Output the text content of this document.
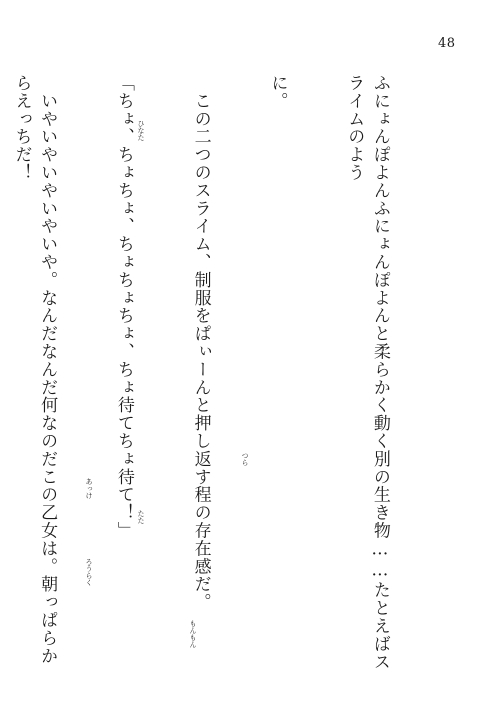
48

ふにょんぽよんふにょんぽよんと柔らかく動く別の生き物……たとえばスライムのよう

に。

　この二つのスライム、制服をぱぃーんと押し返す程の存在感だ。

「ちょ、ちょちょ、ちょちょちょ、ちょ待てちょ待て！」

　いやいやいやいやいや。なんだなんだ何なのだこの乙女は。朝っぱらからえっちだ！

つら
もんもん
ひなた
たた
あっけ
ろうらく
